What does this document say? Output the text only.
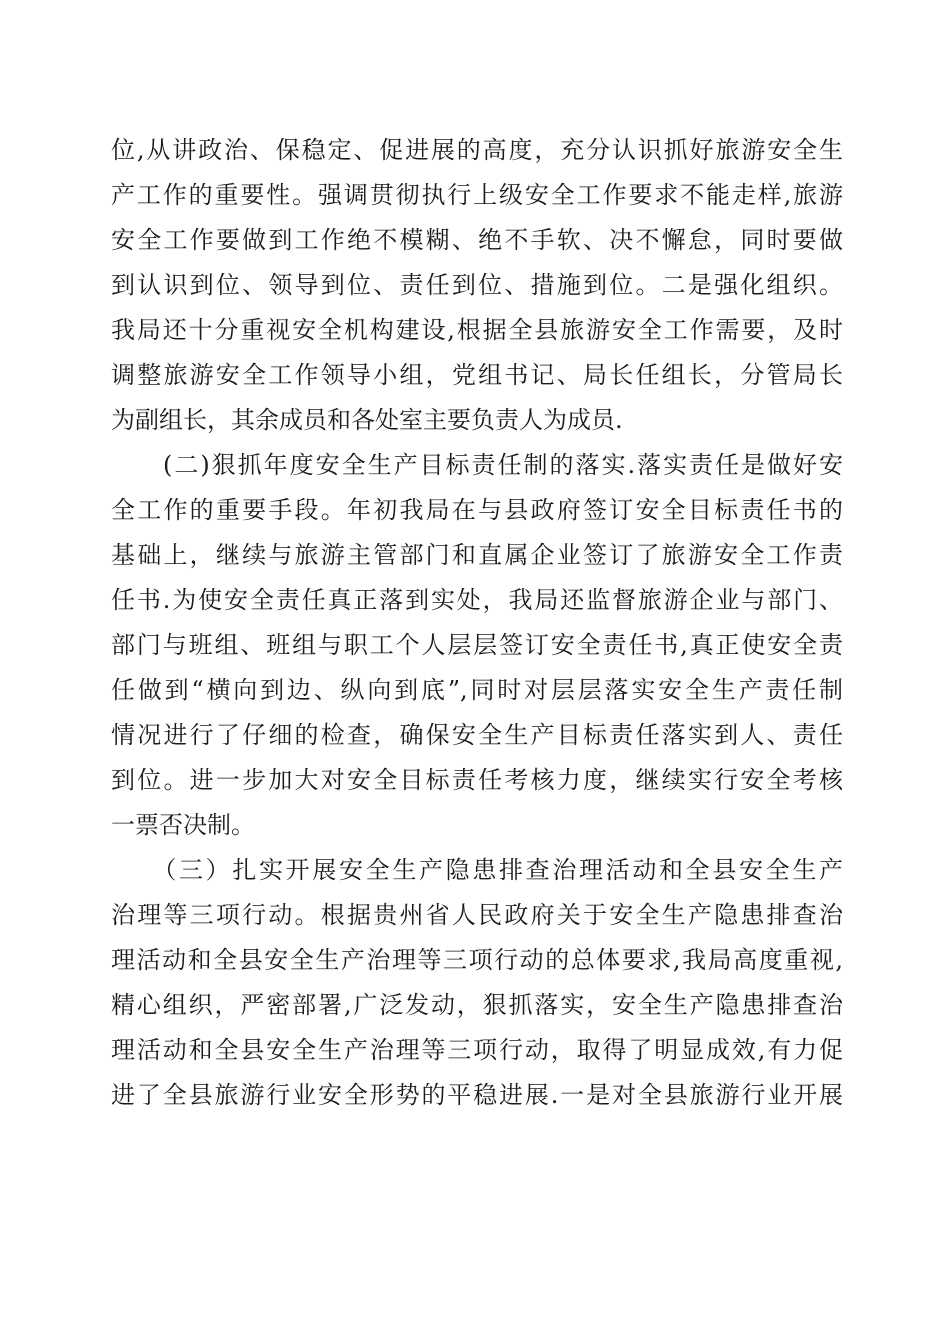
位,从讲政治、保稳定、促进展的高度，充分认识抓好旅游安全生
产工作的重要性。强调贯彻执行上级安全工作要求不能走样,旅游
安全工作要做到工作绝不模糊、绝不手软、决不懈怠，同时要做
到认识到位、领导到位、责任到位、措施到位。二是强化组织。
我局还十分重视安全机构建设,根据全县旅游安全工作需要，及时
调整旅游安全工作领导小组，党组书记、局长任组长，分管局长
为副组长，其余成员和各处室主要负责人为成员.
　　(二)狠抓年度安全生产目标责任制的落实.落实责任是做好安
全工作的重要手段。年初我局在与县政府签订安全目标责任书的
基础上，继续与旅游主管部门和直属企业签订了旅游安全工作责
任书.为使安全责任真正落到实处，我局还监督旅游企业与部门、
部门与班组、班组与职工个人层层签订安全责任书,真正使安全责
任做到“横向到边、纵向到底”,同时对层层落实安全生产责任制
情况进行了仔细的检查，确保安全生产目标责任落实到人、责任
到位。进一步加大对安全目标责任考核力度，继续实行安全考核
一票否决制。
　　（三）扎实开展安全生产隐患排查治理活动和全县安全生产
治理等三项行动。根据贵州省人民政府关于安全生产隐患排查治
理活动和全县安全生产治理等三项行动的总体要求,我局高度重视,
精心组织，严密部署,广泛发动，狠抓落实，安全生产隐患排查治
理活动和全县安全生产治理等三项行动，取得了明显成效,有力促
进了全县旅游行业安全形势的平稳进展.一是对全县旅游行业开展
